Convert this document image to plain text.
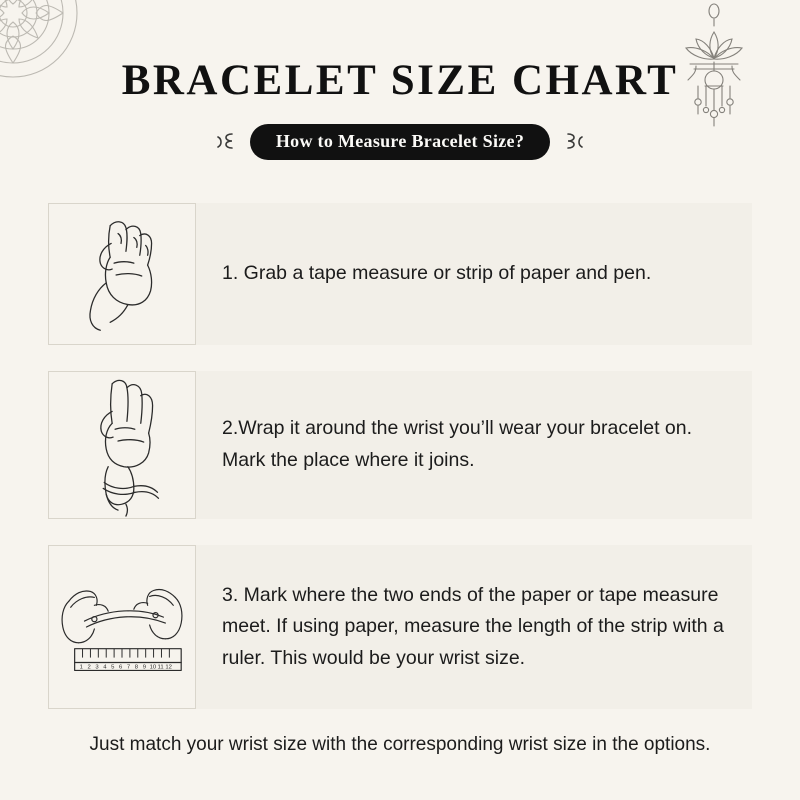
BRACELET SIZE CHART
How to Measure Bracelet Size?
1. Grab a tape measure or strip of paper and pen.
2.Wrap it around the wrist you’ll wear your bracelet on. Mark the place where it joins.
1 2 3 4 5 6 7 8 9 10 11 12
3. Mark where the two ends of the paper or tape measure meet. If using paper, measure the length of the strip with a ruler. This would be your wrist size.
Just match your wrist size with the corresponding wrist size in the options.
